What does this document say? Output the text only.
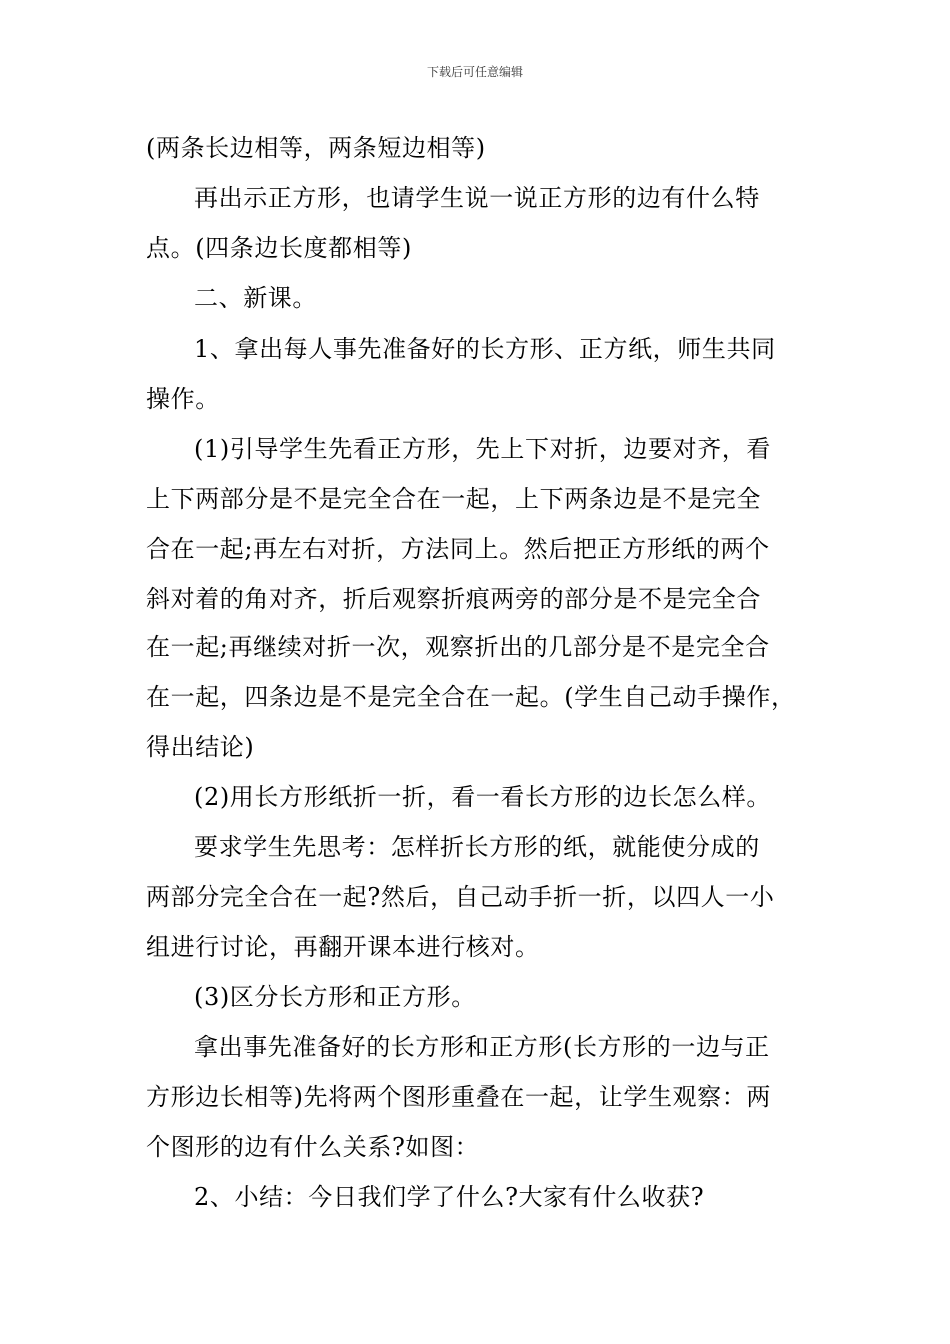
下载后可任意编辑
(两条长边相等，两条短边相等)
再出示正方形，也请学生说一说正方形的边有什么特
点。(四条边长度都相等)
二、新课。
1、拿出每人事先准备好的长方形、正方纸，师生共同
操作。
(1)引导学生先看正方形，先上下对折，边要对齐，看
上下两部分是不是完全合在一起，上下两条边是不是完全
合在一起;再左右对折，方法同上。然后把正方形纸的两个
斜对着的角对齐，折后观察折痕两旁的部分是不是完全合
在一起;再继续对折一次，观察折出的几部分是不是完全合
在一起，四条边是不是完全合在一起。(学生自己动手操作，
得出结论)
(2)用长方形纸折一折，看一看长方形的边长怎么样。
要求学生先思考：怎样折长方形的纸，就能使分成的
两部分完全合在一起?然后，自己动手折一折，以四人一小
组进行讨论，再翻开课本进行核对。
(3)区分长方形和正方形。
拿出事先准备好的长方形和正方形(长方形的一边与正
方形边长相等)先将两个图形重叠在一起，让学生观察：两
个图形的边有什么关系?如图：
2、小结：今日我们学了什么?大家有什么收获?
